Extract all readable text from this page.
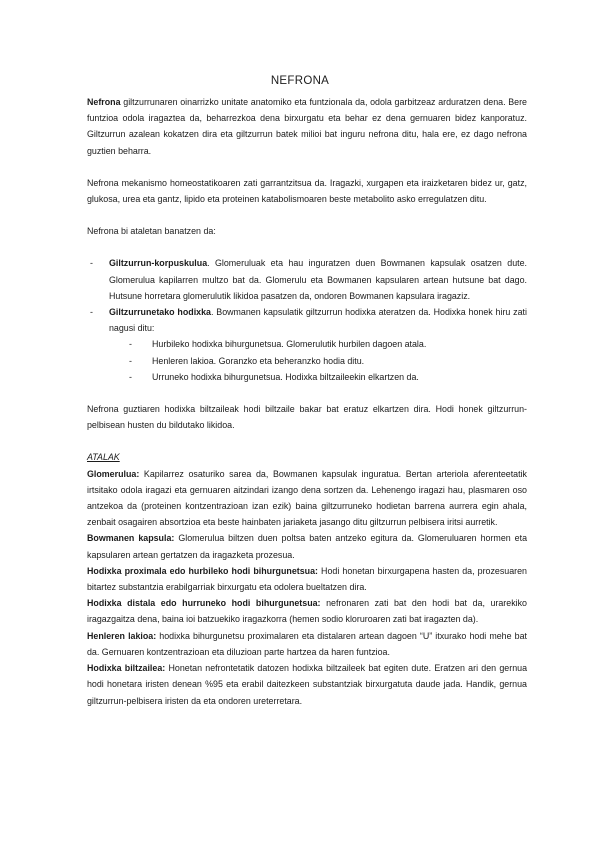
NEFRONA

Nefrona giltzurrunaren oinarrizko unitate anatomiko eta funtzionala da, odola garbitzeaz arduratzen dena. Bere funtzioa odola iragaztea da, beharrezkoa dena birxurgatu eta behar ez dena gernuaren bidez kanporatuz. Giltzurrun azalean kokatzen dira eta giltzurrun batek milioi bat inguru nefrona ditu, hala ere, ez dago nefrona guztien beharra.

Nefrona mekanismo homeostatikoaren zati garrantzitsua da. Iragazki, xurgapen eta iraizketaren bidez ur, gatz, glukosa, urea eta gantz, lipido eta proteinen katabolismoaren beste metabolito asko erregulatzen ditu.

Nefrona bi ataletan banatzen da:

- Giltzurrun-korpuskulua. Glomeruluak eta hau inguratzen duen Bowmanen kapsulak osatzen dute. Glomerulua kapilarren multzo bat da. Glomerulu eta Bowmanen kapsularen artean hutsune bat dago. Hutsune horretara glomerulutik likidoa pasatzen da, ondoren Bowmanen kapsulara iragaziz.

- Giltzurrunetako hodixka. Bowmanen kapsulatik giltzurrun hodixka ateratzen da. Hodixka honek hiru zati nagusi ditu:

- Hurbileko hodixka bihurgunetsua. Glomerulutik hurbilen dagoen atala.

- Henleren lakioa. Goranzko eta beheranzko hodia ditu.

- Urruneko hodixka bihurgunetsua. Hodixka biltzaileekin elkartzen da.

Nefrona guztiaren hodixka biltzaileak hodi biltzaile bakar bat eratuz elkartzen dira. Hodi honek giltzurrun-pelbisean husten du bildutako likidoa.

ATALAK

Glomerulua: Kapilarrez osaturiko sarea da, Bowmanen kapsulak inguratua. Bertan arteriola aferenteetatik irtsitako odola iragazi eta gernuaren aitzindari izango dena sortzen da. Lehenengo iragazi hau, plasmaren oso antzekoa da (proteinen kontzentrazioan izan ezik) baina giltzurruneko hodietan barrena aurrera egin ahala, zenbait osagairen absortzioa eta beste hainbaten jariaketa jasango ditu giltzurrun pelbisera iritsi aurretik.

Bowmanen kapsula: Glomerulua biltzen duen poltsa baten antzeko egitura da. Glomeruluaren hormen eta kapsularen artean gertatzen da iragazketa prozesua.

Hodixka proximala edo hurbileko hodi bihurgunetsua: Hodi honetan birxurgapena hasten da, prozesuaren bitartez substantzia erabilgarriak birxurgatu eta odolera bueltatzen dira.

Hodixka distala edo hurruneko hodi bihurgunetsua: nefronaren zati bat den hodi bat da, urarekiko iragazgaitza dena, baina ioi batzuekiko iragazkorra (hemen sodio kloruroaren zati bat iragazten da).

Henleren lakioa: hodixka bihurgunetsu proximalaren eta distalaren artean dagoen “U” itxurako hodi mehe bat da. Gernuaren kontzentrazioan eta diluzioan parte hartzea da haren funtzioa.

Hodixka biltzailea: Honetan nefrontetatik datozen hodixka biltzaileek bat egiten dute. Eratzen ari den gernua hodi honetara iristen denean %95 eta erabil daitezkeen substantziak birxurgatuta daude jada. Handik, gernua giltzurrun-pelbisera iristen da eta ondoren ureterretara.
